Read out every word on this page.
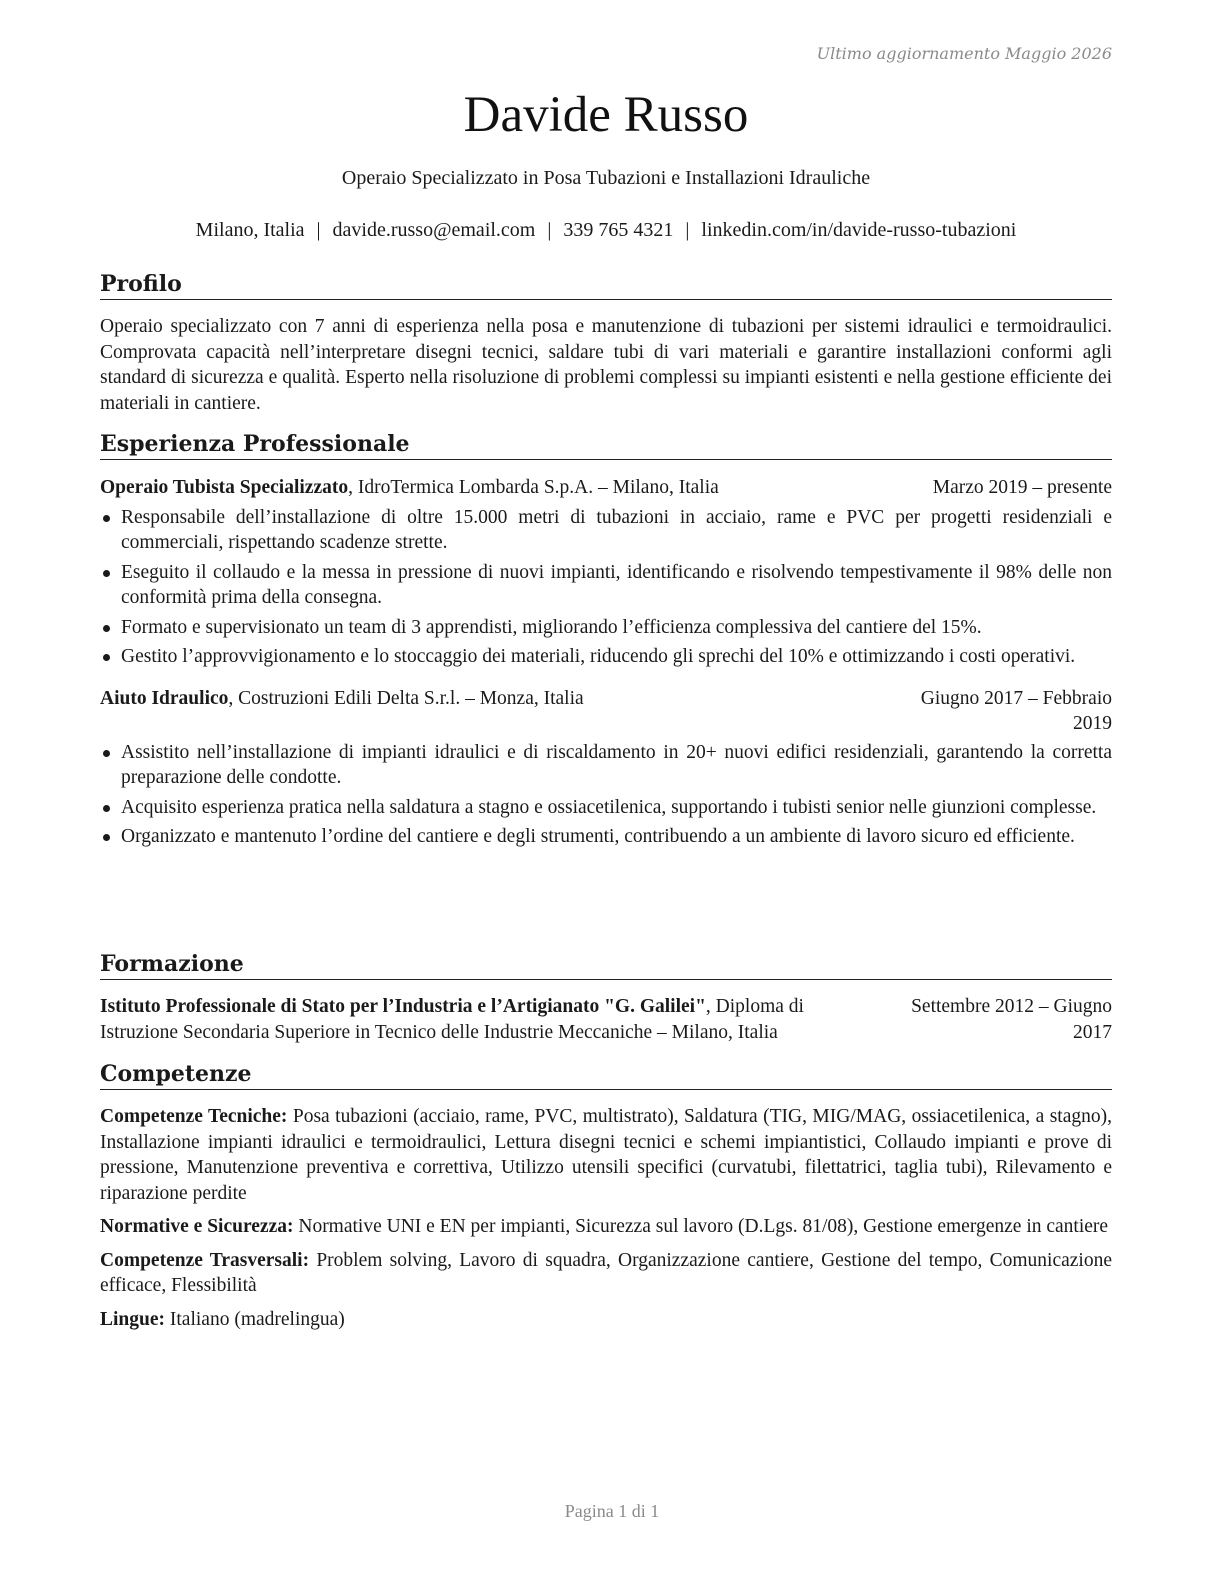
Ultimo aggiornamento Maggio 2026
Davide Russo
Operaio Specializzato in Posa Tubazioni e Installazioni Idrauliche
Milano, Italia | davide.russo@email.com | 339 765 4321 | linkedin.com/in/davide-russo-tubazioni
Profilo
Operaio specializzato con 7 anni di esperienza nella posa e manutenzione di tubazioni per sistemi idraulici e termoidraulici. Comprovata capacità nell’interpretare disegni tecnici, saldare tubi di vari materiali e garantire installazioni conformi agli standard di sicurezza e qualità. Esperto nella risoluzione di problemi complessi su impianti esistenti e nella gestione efficiente dei materiali in cantiere.
Esperienza Professionale
Operaio Tubista Specializzato, IdroTermica Lombarda S.p.A. – Milano, Italia	Marzo 2019 – presente
Responsabile dell’installazione di oltre 15.000 metri di tubazioni in acciaio, rame e PVC per progetti residenziali e commerciali, rispettando scadenze strette.
Eseguito il collaudo e la messa in pressione di nuovi impianti, identificando e risolvendo tempestivamente il 98% delle non conformità prima della consegna.
Formato e supervisionato un team di 3 apprendisti, migliorando l’efficienza complessiva del cantiere del 15%.
Gestito l’approvvigionamento e lo stoccaggio dei materiali, riducendo gli sprechi del 10% e ottimizzando i costi operativi.
Aiuto Idraulico, Costruzioni Edili Delta S.r.l. – Monza, Italia	Giugno 2017 – Febbraio
2019
Assistito nell’installazione di impianti idraulici e di riscaldamento in 20+ nuovi edifici residenziali, garantendo la corretta preparazione delle condotte.
Acquisito esperienza pratica nella saldatura a stagno e ossiacetilenica, supportando i tubisti senior nelle giunzioni complesse.
Organizzato e mantenuto l’ordine del cantiere e degli strumenti, contribuendo a un ambiente di lavoro sicuro ed efficiente.
Formazione
Istituto Professionale di Stato per l’Industria e l’Artigianato "G. Galilei", Diploma di
Istruzione Secondaria Superiore in Tecnico delle Industrie Meccaniche – Milano, Italia
Settembre 2012 – Giugno
2017
Competenze
Competenze Tecniche: Posa tubazioni (acciaio, rame, PVC, multistrato), Saldatura (TIG, MIG/MAG, ossiacetilenica, a stagno), Installazione impianti idraulici e termoidraulici, Lettura disegni tecnici e schemi impiantistici, Collaudo impianti e prove di pressione, Manutenzione preventiva e correttiva, Utilizzo utensili specifici (curvatubi, filettatrici, taglia tubi), Rilevamento e riparazione perdite
Normative e Sicurezza: Normative UNI e EN per impianti, Sicurezza sul lavoro (D.Lgs. 81/08), Gestione emergenze in cantiere
Competenze Trasversali: Problem solving, Lavoro di squadra, Organizzazione cantiere, Gestione del tempo, Comunicazione efficace, Flessibilità
Lingue: Italiano (madrelingua)
Pagina 1 di 1
